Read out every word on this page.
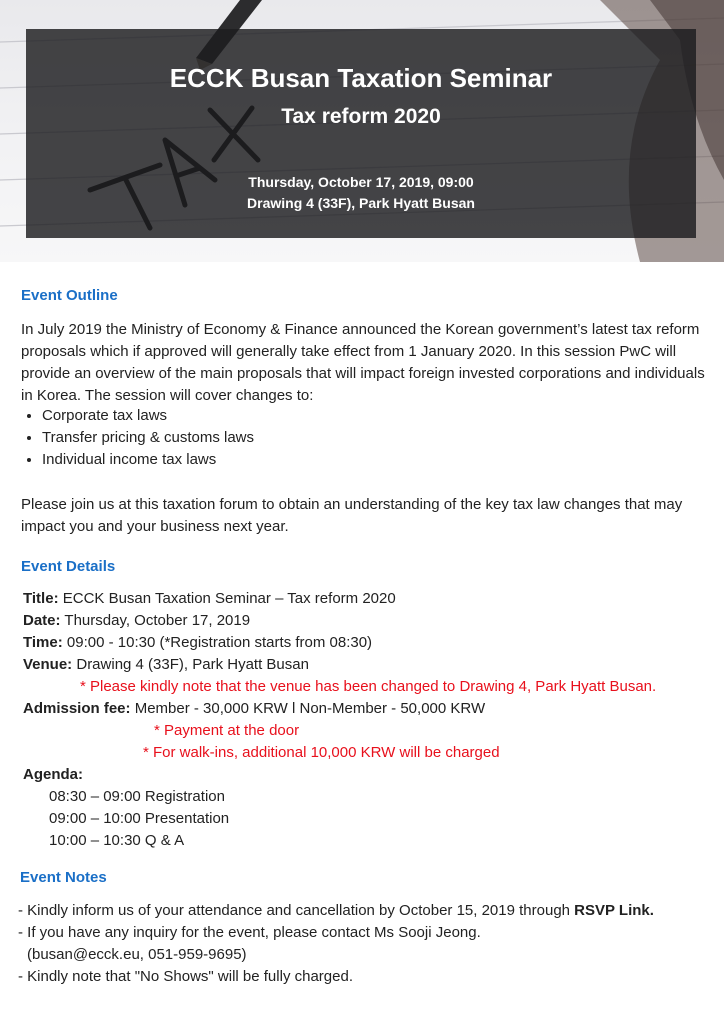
ECCK Busan Taxation Seminar
Tax reform 2020
Thursday, October 17, 2019, 09:00
Drawing 4 (33F), Park Hyatt Busan
Event Outline

In July 2019 the Ministry of Economy & Finance announced the Korean government’s latest tax reform proposals which if approved will generally take effect from 1 January 2020. In this session PwC will provide an overview of the main proposals that will impact foreign invested corporations and individuals in Korea. The session will cover changes to:

• Corporate tax laws
• Transfer pricing & customs laws
• Individual income tax laws

Please join us at this taxation forum to obtain an understanding of the key tax law changes that may impact you and your business next year.

Event Details
Title: ECCK Busan Taxation Seminar – Tax reform 2020
Date: Thursday, October 17, 2019
Time: 09:00 - 10:30 (*Registration starts from 08:30)
Venue: Drawing 4 (33F), Park Hyatt Busan
* Please kindly note that the venue has been changed to Drawing 4, Park Hyatt Busan.
Admission fee: Member - 30,000 KRW l Non-Member - 50,000 KRW
* Payment at the door
* For walk-ins, additional 10,000 KRW will be charged
Agenda:
08:30 – 09:00 Registration
09:00 – 10:00 Presentation
10:00 – 10:30 Q & A
Event Notes
- Kindly inform us of your attendance and cancellation by October 15, 2019 through RSVP Link.
- If you have any inquiry for the event, please contact Ms Sooji Jeong.
(busan@ecck.eu, 051-959-9695)
- Kindly note that "No Shows" will be fully charged.
